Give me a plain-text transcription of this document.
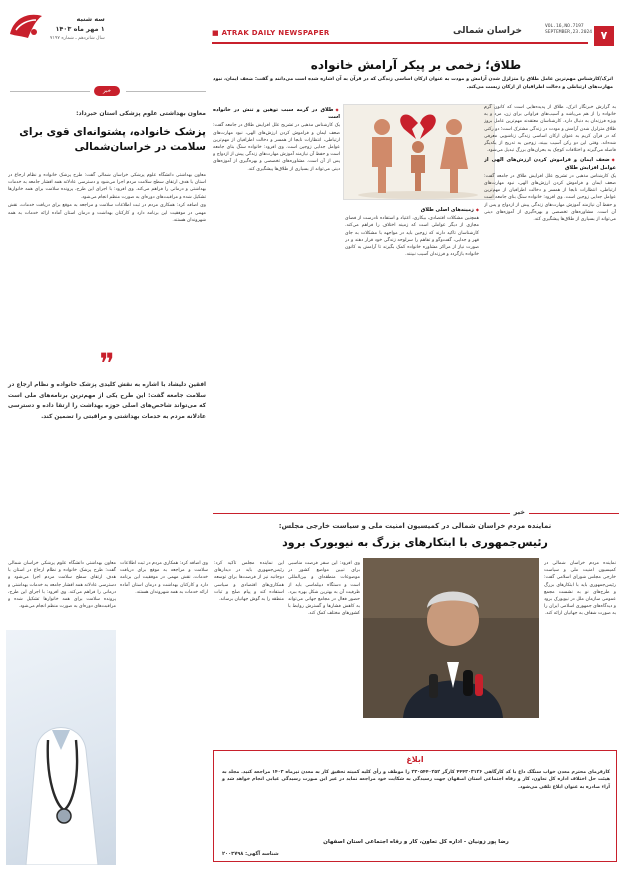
۷
VOL.16,NO.7197
SEPTEMBER,23.2024
خراسان شمالی
■ ATRAK DAILY NEWSPAPER
سه شنبه
۱ مهر ماه ۱۴۰۳
سال شانزدهم ـ شماره ۷۱۹۷
طلاق؛ زخمی بر پیکر آرامش خانواده
اترک/کارشناس مهم‌ترین عامل طلاق را متزلزل شدن آرامش و مودت به عنوان ارکان اساسی زندگی که در قرآن به آن اشاره شده است می‌دانند و گفت: ضعف ایمان، نبود مهارت‌های ارتباطی و دخالت اطرافیان از ارکان زیست می‌کند.

به گزارش خبرنگار اترک، طلاق از پدیده‌هایی است که کانون گرم خانواده را از هم می‌پاشد و آسیب‌های فراوانی برای زن، مرد و به ویژه فرزندان به دنبال دارد. کارشناسان معتقدند مهم‌ترین عامل بروز طلاق متزلزل شدن آرامش و مودت در زندگی مشترک است؛ دو رکنی که در قرآن کریم به عنوان ارکان اساسی زندگی زناشویی معرفی شده‌اند. وقتی این دو رکن آسیب ببیند، زوجین به تدریج از یکدیگر فاصله می‌گیرند و اختلافات کوچک به بحران‌های بزرگ تبدیل می‌شود.

◆ ضعف ایمان و فراموش کردن ارزش‌های الهی از عوامل افزایش طلاق

یک کارشناس مذهبی در تشریح علل افزایش طلاق در جامعه گفت: ضعف ایمان و فراموش کردن ارزش‌های الهی، نبود مهارت‌های ارتباطی، انتظارات نابجا از همسر و دخالت اطرافیان از مهم‌ترین عوامل جدایی زوجین است. وی افزود: خانواده سنگ بنای جامعه است و حفظ آن نیازمند آموزش مهارت‌های زندگی پیش از ازدواج و پس از آن است. مشاوره‌های تخصصی و بهره‌گیری از آموزه‌های دینی می‌تواند از بسیاری از طلاق‌ها پیشگیری کند.

◆ زمینه‌های اصلی طلاق

همچنین مشکلات اقتصادی، بیکاری، اعتیاد و استفاده نادرست از فضای مجازی از دیگر عواملی است که زمینه اختلاف را فراهم می‌کند. کارشناسان تاکید دارند که زوجین باید در مواجهه با مشکلات به جای قهر و جدایی، گفت‌وگو و تفاهم را سرلوحه زندگی خود قرار دهند و در صورت نیاز از مراکز مشاوره خانواده کمک بگیرند تا آرامش به کانون خانواده بازگردد و فرزندان آسیب نبینند.

◆ طلاق در گرمه سبب توهین و تنش در خانواده است

یک کارشناس مذهبی در تشریح علل افزایش طلاق در جامعه گفت: ضعف ایمان و فراموش کردن ارزش‌های الهی، نبود مهارت‌های ارتباطی، انتظارات نابجا از همسر و دخالت اطرافیان از مهم‌ترین عوامل جدایی زوجین است. وی افزود: خانواده سنگ بنای جامعه است و حفظ آن نیازمند آموزش مهارت‌های زندگی پیش از ازدواج و پس از آن است. مشاوره‌های تخصصی و بهره‌گیری از آموزه‌های دینی می‌تواند از بسیاری از طلاق‌ها پیشگیری کند.

خبر
معاون بهداشتی علوم پزشکی استان خبرداد:
پزشک خانواده، پشتوانه‌ای قوی برای سلامت در خراسان‌شمالی

معاون بهداشتی دانشگاه علوم پزشکی خراسان شمالی گفت: طرح پزشک خانواده و نظام ارجاع در استان با هدف ارتقای سطح سلامت مردم اجرا می‌شود و دسترسی عادلانه همه اقشار جامعه به خدمات بهداشتی و درمانی را فراهم می‌کند. وی افزود: با اجرای این طرح، پرونده سلامت برای همه خانوارها تشکیل شده و مراقبت‌های دوره‌ای به صورت منظم انجام می‌شود.

وی اضافه کرد: همکاری مردم در ثبت اطلاعات سلامت و مراجعه به موقع برای دریافت خدمات، نقش مهمی در موفقیت این برنامه دارد و کارکنان بهداشت و درمان استان آماده ارائه خدمات به همه شهروندان هستند.

❞
افقین دلیشاد با اشاره به نقش کلیدی پزشک خانواده و نظام ارجاع در سلامت جامعه گفت: این طرح یکی از مهم‌ترین برنامه‌های ملی است که می‌تواند شاخص‌های اصلی حوزه بهداشت را ارتقا داده و دسترسی عادلانه مردم به خدمات بهداشتی و مراقبتی را تضمین کند.

وی اضافه کرد: همکاری مردم در ثبت اطلاعات سلامت و مراجعه به موقع برای دریافت خدمات، نقش مهمی در موفقیت این برنامه دارد و کارکنان بهداشت و درمان استان آماده ارائه خدمات به همه شهروندان هستند.

معاون بهداشتی دانشگاه علوم پزشکی خراسان شمالی گفت: طرح پزشک خانواده و نظام ارجاع در استان با هدف ارتقای سطح سلامت مردم اجرا می‌شود و دسترسی عادلانه همه اقشار جامعه به خدمات بهداشتی و درمانی را فراهم می‌کند. وی افزود: با اجرای این طرح، پرونده سلامت برای همه خانوارها تشکیل شده و مراقبت‌های دوره‌ای به صورت منظم انجام می‌شود.

خبر
نماینده مردم خراسان شمالی در کمیسیون امنیت ملی و سیاست خارجی مجلس:
رئیس‌جمهوری با ابتکارهای بزرگ به نیویورک برود

نماینده مردم خراسان شمالی در کمیسیون امنیت ملی و سیاست خارجی مجلس شورای اسلامی گفت: رئیس‌جمهوری باید با ابتکارهای بزرگ و طرح‌های نو به نشست مجمع عمومی سازمان ملل در نیویورک برود و دیدگاه‌های جمهوری اسلامی ایران را به صورت شفاف به جهانیان ارائه کند.

این نماینده مجلس تاکید کرد: رئیس‌جمهوری باید در دیدارهای دوجانبه نیز از فرصت‌ها برای توسعه همکاری‌های اقتصادی و سیاسی استفاده کند و پیام صلح و ثبات منطقه را به گوش جهانیان برساند.

وی افزود: این سفر فرصت مناسبی برای تبیین مواضع کشور در موضوعات منطقه‌ای و بین‌المللی است و دستگاه دیپلماسی باید از ظرفیت آن به بهترین شکل بهره ببرد. حضور فعال در مجامع جهانی می‌تواند به کاهش فشارها و گسترش روابط با کشورهای مختلف کمک کند.

ابلاغ
کارفرمای محترم معدن خواب سنگک داغ با کد کارگاهی ۴۴۴۳۰۳۱۲۶ کارگر ۲۳۰۵۴۴۰۲۵۲ را موظف و رأی کلیه کمیته تحقیق کار به معدن تیرماه ۱۴۰۳ مراجعه کنید. مجلد به هیئت حل اختلاف اداره کل تعاون، کار و رفاه اجتماعی استان اصفهان جهت رسیدگی به شکایت خود مراجعه نماید در غیر این صورت رسیدگی غیابی انجام خواهد شد و آراء صادره به عنوان ابلاغ تلقی می‌شود.
رضا پور زونیان - اداره کل تعاون، کار و رفاه اجتماعی استان اصفهان
شناسه آگهی: ۲۰۰۳۷۹۸
